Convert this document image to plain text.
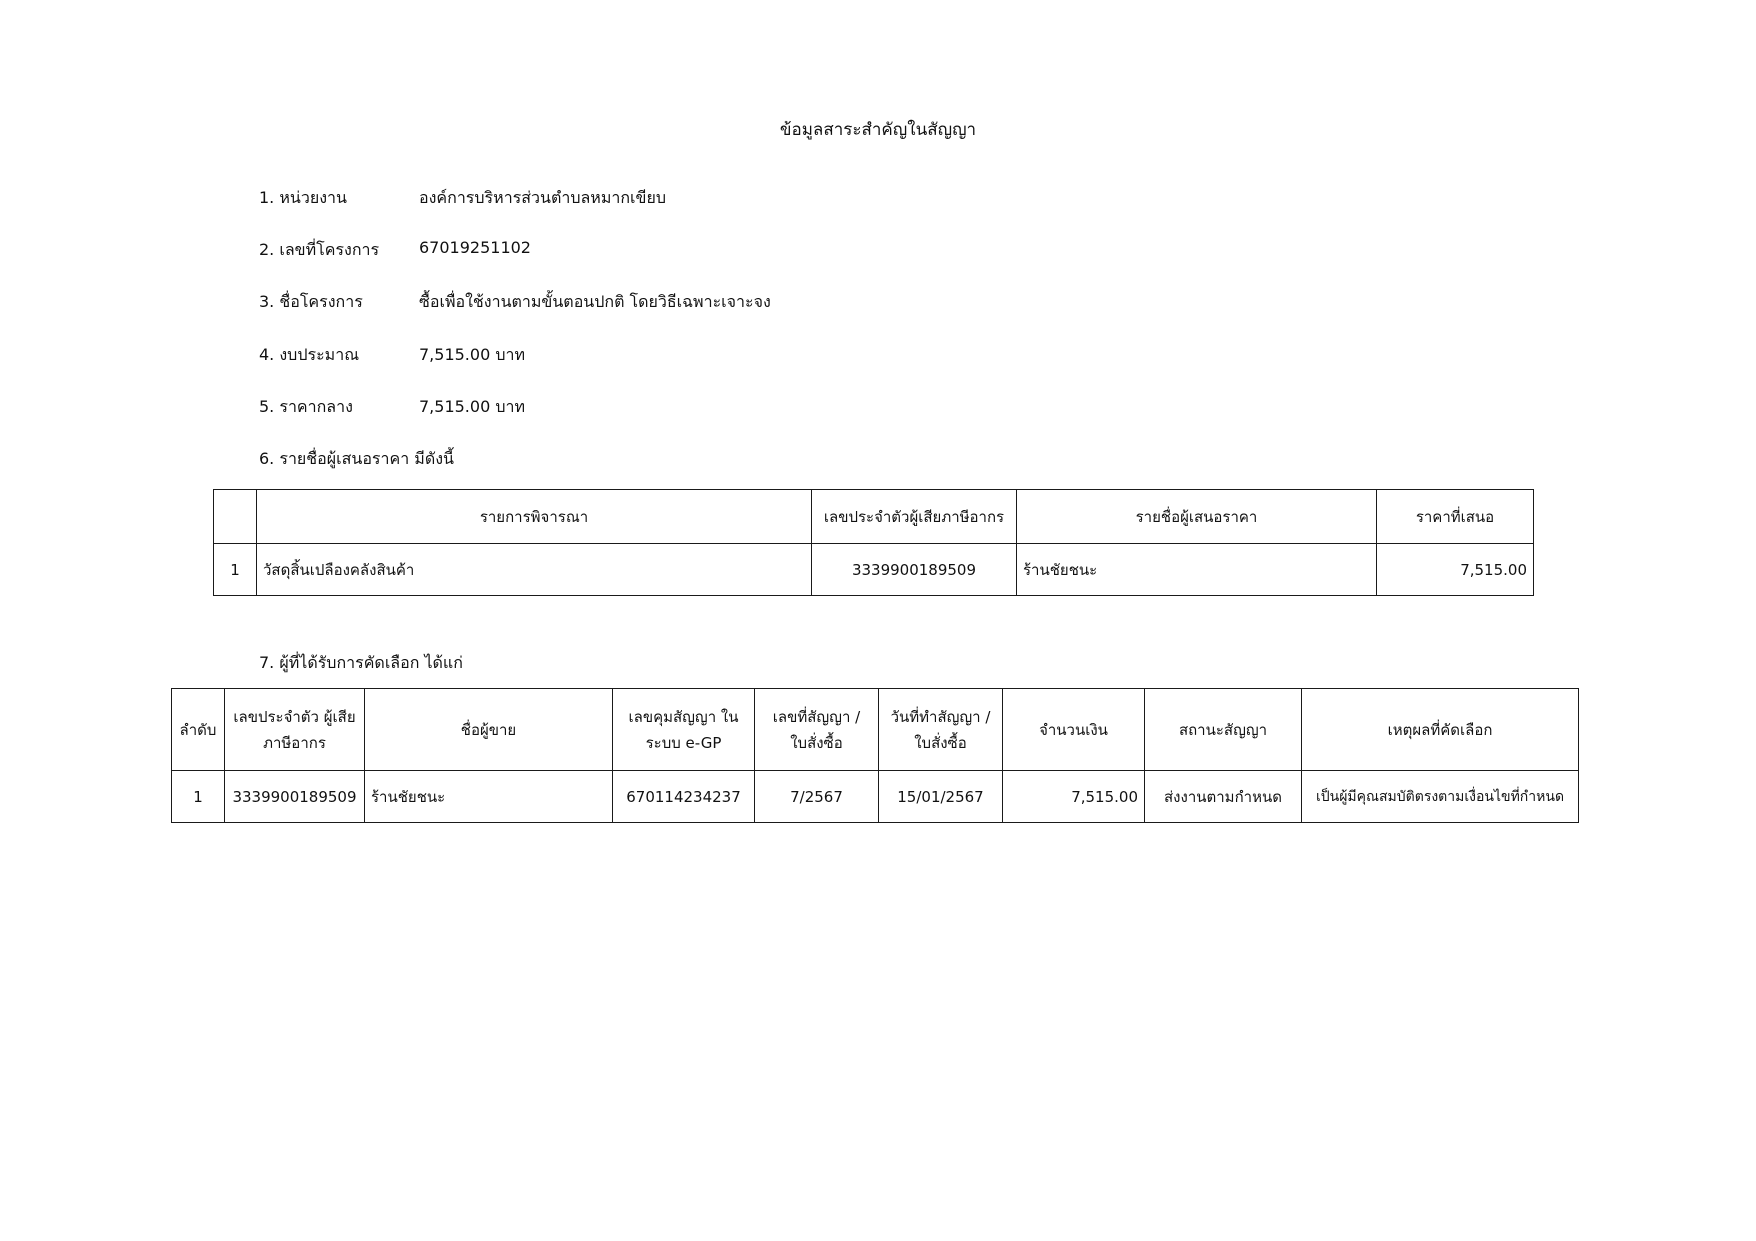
ข้อมูลสาระสำคัญในสัญญา
1. หน่วยงาน	องค์การบริหารส่วนตำบลหมากเขียบ
2. เลขที่โครงการ 67019251102
3. ชื่อโครงการ	ซื้อเพื่อใช้งานตามขั้นตอนปกติ โดยวิธีเฉพาะเจาะจง
4. งบประมาณ	7,515.00 บาท
5. ราคากลาง	7,515.00 บาท
6. รายชื่อผู้เสนอราคา มีดังนี้
	รายการพิจารณา	เลขประจำตัวผู้เสียภาษีอากร	รายชื่อผู้เสนอราคา	ราคาที่เสนอ
1	วัสดุสิ้นเปลืองคลังสินค้า	3339900189509	ร้านชัยชนะ	7,515.00
7. ผู้ที่ได้รับการคัดเลือก ได้แก่
ลำดับ	เลขประจำตัว ผู้เสียภาษีอากร	ชื่อผู้ขาย	เลขคุมสัญญา ในระบบ e-GP	เลขที่สัญญา / ใบสั่งซื้อ	วันที่ทำสัญญา / ใบสั่งซื้อ	จำนวนเงิน	สถานะสัญญา	เหตุผลที่คัดเลือก
1	3339900189509	ร้านชัยชนะ	670114234237	7/2567	15/01/2567	7,515.00	ส่งงานตามกำหนด	เป็นผู้มีคุณสมบัติตรงตามเงื่อนไขที่กำหนด
